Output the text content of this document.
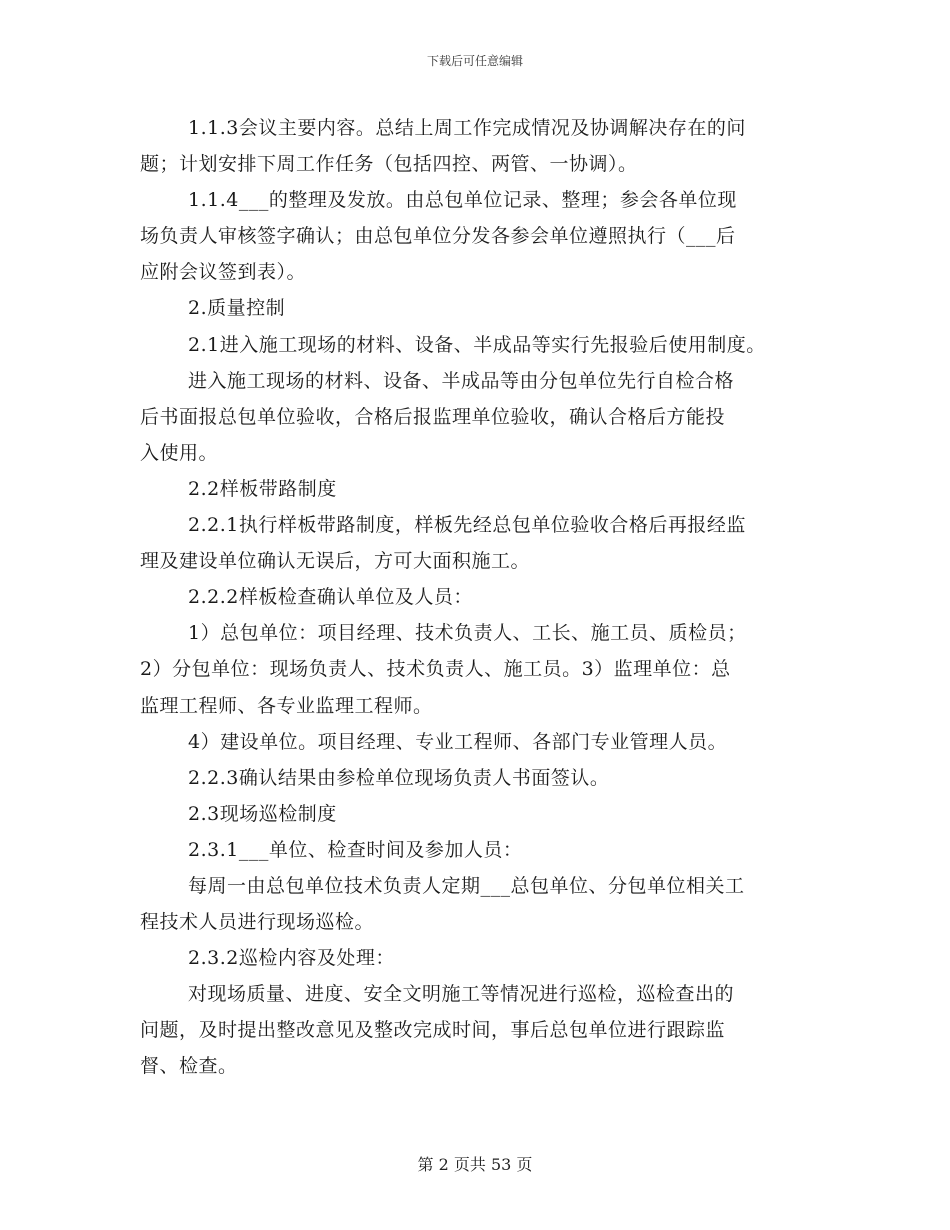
下载后可任意编辑
1.1.3会议主要内容。总结上周工作完成情况及协调解决存在的问
题；计划安排下周工作任务（包括四控、两管、一协调）。
1.1.4___的整理及发放。由总包单位记录、整理；参会各单位现
场负责人审核签字确认；由总包单位分发各参会单位遵照执行（___后
应附会议签到表）。
2.质量控制
2.1进入施工现场的材料、设备、半成品等实行先报验后使用制度。
进入施工现场的材料、设备、半成品等由分包单位先行自检合格
后书面报总包单位验收，合格后报监理单位验收，确认合格后方能投
入使用。
2.2样板带路制度
2.2.1执行样板带路制度，样板先经总包单位验收合格后再报经监
理及建设单位确认无误后，方可大面积施工。
2.2.2样板检查确认单位及人员：
1）总包单位：项目经理、技术负责人、工长、施工员、质检员；
2）分包单位：现场负责人、技术负责人、施工员。3）监理单位：总
监理工程师、各专业监理工程师。
4）建设单位。项目经理、专业工程师、各部门专业管理人员。
2.2.3确认结果由参检单位现场负责人书面签认。
2.3现场巡检制度
2.3.1___单位、检查时间及参加人员：
每周一由总包单位技术负责人定期___总包单位、分包单位相关工
程技术人员进行现场巡检。
2.3.2巡检内容及处理：
对现场质量、进度、安全文明施工等情况进行巡检，巡检查出的
问题，及时提出整改意见及整改完成时间，事后总包单位进行跟踪监
督、检查。
第 2 页共 53 页
